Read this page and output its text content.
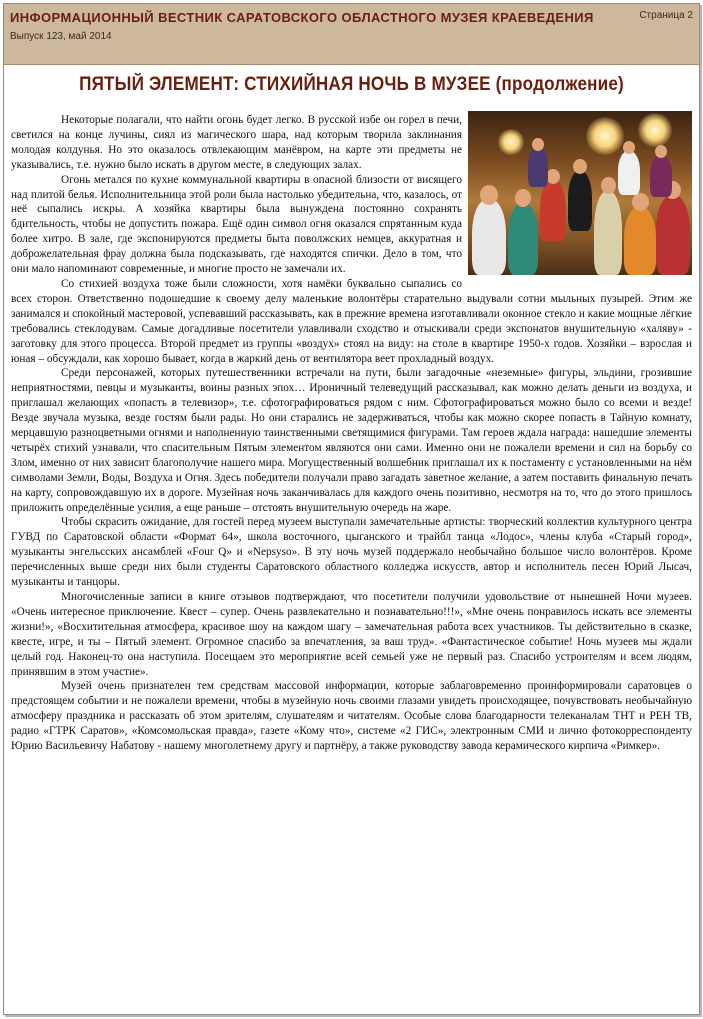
ИНФОРМАЦИОННЫЙ ВЕСТНИК САРАТОВСКОГО ОБЛАСТНОГО МУЗЕЯ КРАЕВЕДЕНИЯ
Выпуск 123, май 2014
Страница 2
ПЯТЫЙ ЭЛЕМЕНТ: СТИХИЙНАЯ НОЧЬ В МУЗЕЕ (продолжение)

Некоторые полагали, что найти огонь будет легко. В русской избе он горел в печи, светился на конце лучины, сиял из магического шара, над которым творила заклинания молодая колдунья. Но это оказалось отвлекающим манёвром, на карте эти предметы не указывались, т.е. нужно было искать в другом месте, в следующих залах.

Огонь метался по кухне коммунальной квартиры в опасной близости от висящего над плитой белья. Исполнительница этой роли была настолько убедительна, что, казалось, от неё сыпались искры. А хозяйка квартиры была вынуждена постоянно сохранять бдительность, чтобы не допустить пожара. Ещё один символ огня оказался спрятанным куда более хитро. В зале, где экспонируются предметы быта поволжских немцев, аккуратная и доброжелательная фрау должна была подсказывать, где находятся спички. Дело в том, что они мало напоминают современные, и многие просто не замечали их.

Со стихией воздуха тоже были сложности, хотя намёки буквально сыпались со всех сторон. Ответственно подошедшие к своему делу маленькие волонтёры старательно выдували сотни мыльных пузырей. Этим же занимался и спокойный мастеровой, успевавший рассказывать, как в прежние времена изготавливали оконное стекло и какие мощные лёгкие требовались стеклодувам. Самые догадливые посетители улавливали сходство и отыскивали среди экспонатов внушительную «халяву» - заготовку для этого процесса. Второй предмет из группы «воздух» стоял на виду: на столе в квартире 1950-х годов. Хозяйки – взрослая и юная – обсуждали, как хорошо бывает, когда в жаркий день от вентилятора веет прохладный воздух.

Среди персонажей, которых путешественники встречали на пути, были загадочные «неземные» фигуры, эльдини, грозившие неприятностями, певцы и музыканты, воины разных эпох… Ироничный телеведущий рассказывал, как можно делать деньги из воздуха, и приглашал желающих «попасть в телевизор», т.е. сфотографироваться рядом с ним. Сфотографироваться можно было со всеми и везде! Везде звучала музыка, везде гостям были рады. Но они старались не задерживаться, чтобы как можно скорее попасть в Тайную комнату, мерцавшую разноцветными огнями и наполненную таинственными светящимися фигурами. Там героев ждала награда: нашедшие элементы четырёх стихий узнавали, что спасительным Пятым элементом являются они сами. Именно они не пожалели времени и сил на борьбу со Злом, именно от них зависит благополучие нашего мира. Могущественный волшебник приглашал их к постаменту с установленными на нём символами Земли, Воды, Воздуха и Огня. Здесь победители получали право загадать заветное желание, а затем поставить финальную печать на карту, сопровождавшую их в дороге. Музейная ночь заканчивалась для каждого очень позитивно, несмотря на то, что до этого пришлось приложить определённые усилия, а еще раньше – отстоять внушительную очередь на жаре.

Чтобы скрасить ожидание, для гостей перед музеем выступали замечательные артисты: творческий коллектив культурного центра ГУВД по Саратовской области «Формат 64», школа восточного, цыганского и трайбл танца «Лодос», члены клуба «Старый город», музыканты энгельсских ансамблей «Four Q» и «Nepsyso». В эту ночь музей поддержало необычайно большое число волонтёров. Кроме перечисленных выше среди них были студенты Саратовского областного колледжа искусств, автор и исполнитель песен Юрий Лысач, музыканты и танцоры.

Многочисленные записи в книге отзывов подтверждают, что посетители получили удовольствие от нынешней Ночи музеев. «Очень интересное приключение. Квест – супер. Очень развлекательно и познавательно!!!», «Мне очень понравилось искать все элементы жизни!», «Восхитительная атмосфера, красивое шоу на каждом шагу – замечательная работа всех участников. Ты действительно в сказке, квесте, игре, и ты – Пятый элемент. Огромное спасибо за впечатления, за ваш труд». «Фантастическое событие! Ночь музеев мы ждали целый год. Наконец-то она наступила. Посещаем это мероприятие всей семьей уже не первый раз. Спасибо устроителям и всем людям, принявшим в этом участие».

Музей очень признателен тем средствам массовой информации, которые заблаговременно проинформировали саратовцев о предстоящем событии и не пожалели времени, чтобы в музейную ночь своими глазами увидеть происходящее, почувствовать необычайную атмосферу праздника и рассказать об этом зрителям, слушателям и читателям. Особые слова благодарности телеканалам ТНТ и РЕН ТВ, радио «ГТРК Саратов», «Комсомольская правда», газете «Кому что», системе «2 ГИС», электронным СМИ и лично фотокорреспонденту Юрию Васильевичу Набатову - нашему многолетнему другу и партнёру, а также руководству завода керамического кирпича «Римкер».
